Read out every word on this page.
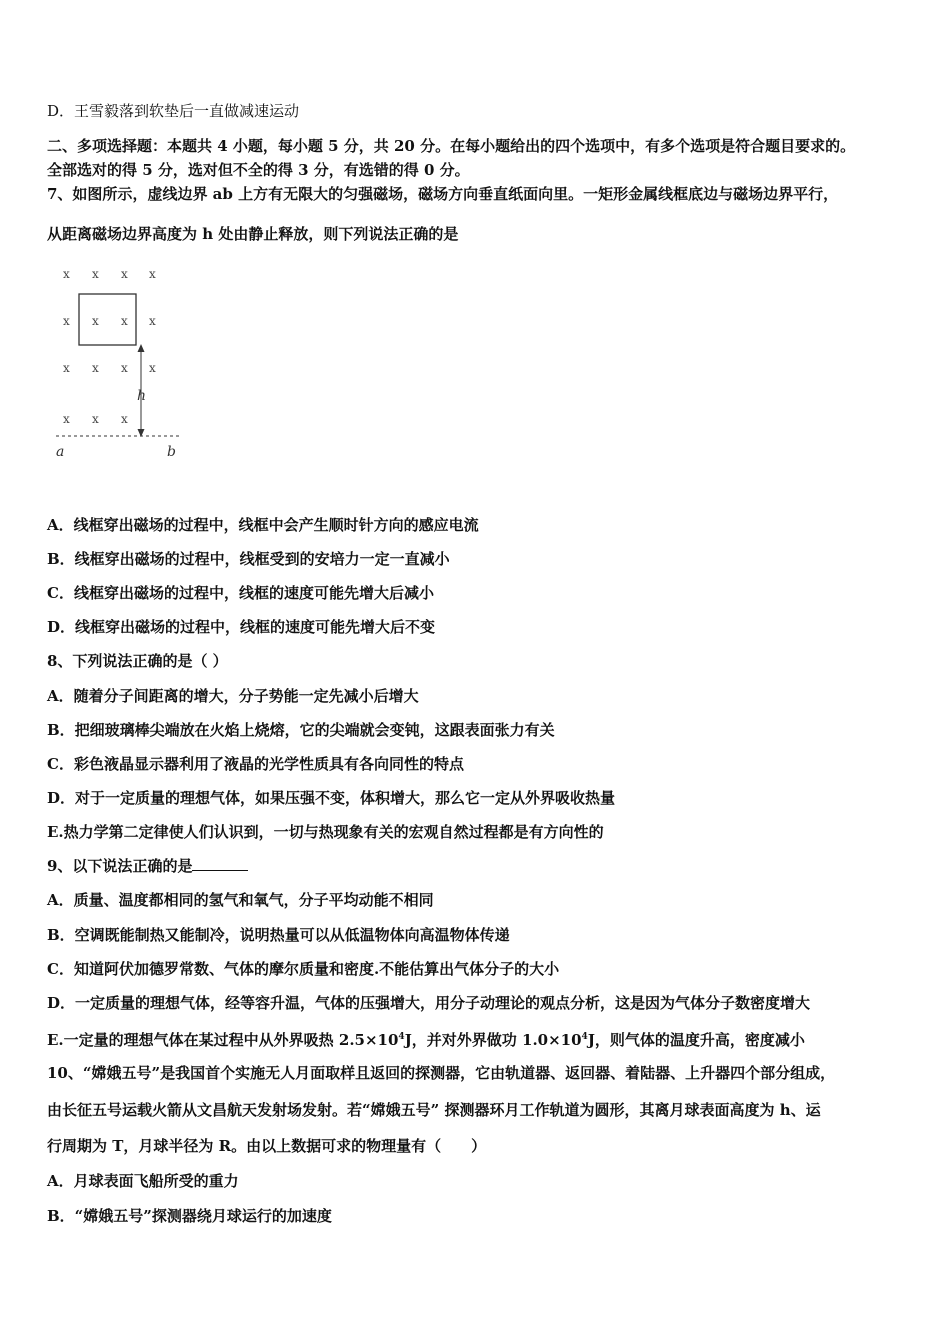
D．王雪毅落到软垫后一直做减速运动
二、多项选择题：本题共 4 小题，每小题 5 分，共 20 分。在每小题给出的四个选项中，有多个选项是符合题目要求的。
全部选对的得 5 分，选对但不全的得 3 分，有选错的得 0 分。
7、如图所示，虚线边界 ab 上方有无限大的匀强磁场，磁场方向垂直纸面向里。一矩形金属线框底边与磁场边界平行，
从距离磁场边界高度为 h 处由静止释放，则下列说法正确的是
x x x x
x x x x
x x x x
x x x
h
a	b
A．线框穿出磁场的过程中，线框中会产生顺时针方向的感应电流
B．线框穿出磁场的过程中，线框受到的安培力一定一直减小
C．线框穿出磁场的过程中，线框的速度可能先增大后减小
D．线框穿出磁场的过程中，线框的速度可能先增大后不变
8、下列说法正确的是（ ）
A．随着分子间距离的增大，分子势能一定先减小后增大
B．把细玻璃棒尖端放在火焰上烧熔，它的尖端就会变钝，这跟表面张力有关
C．彩色液晶显示器利用了液晶的光学性质具有各向同性的特点
D．对于一定质量的理想气体，如果压强不变，体积增大，那么它一定从外界吸收热量
E.热力学第二定律使人们认识到，一切与热现象有关的宏观自然过程都是有方向性的
9、以下说法正确的是
A．质量、温度都相同的氢气和氧气，分子平均动能不相同
B．空调既能制热又能制冷，说明热量可以从低温物体向高温物体传递
C．知道阿伏加德罗常数、气体的摩尔质量和密度.不能估算出气体分子的大小
D．一定质量的理想气体，经等容升温，气体的压强增大，用分子动理论的观点分析，这是因为气体分子数密度增大
E.一定量的理想气体在某过程中从外界吸热 $2.5\times 10^4J$，并对外界做功 $1.0\times 10^4J$，则气体的温度升高，密度减小
10、“嫦娥五号”是我国首个实施无人月面取样且返回的探测器，它由轨道器、返回器、着陆器、上升器四个部分组成，
由长征五号运载火箭从文昌航天发射场发射。若“嫦娥五号” 探测器环月工作轨道为圆形，其离月球表面高度为 h、运
行周期为 T，月球半径为 R。由以上数据可求的物理量有（　　）
A．月球表面飞船所受的重力
B．“嫦娥五号”探测器绕月球运行的加速度
